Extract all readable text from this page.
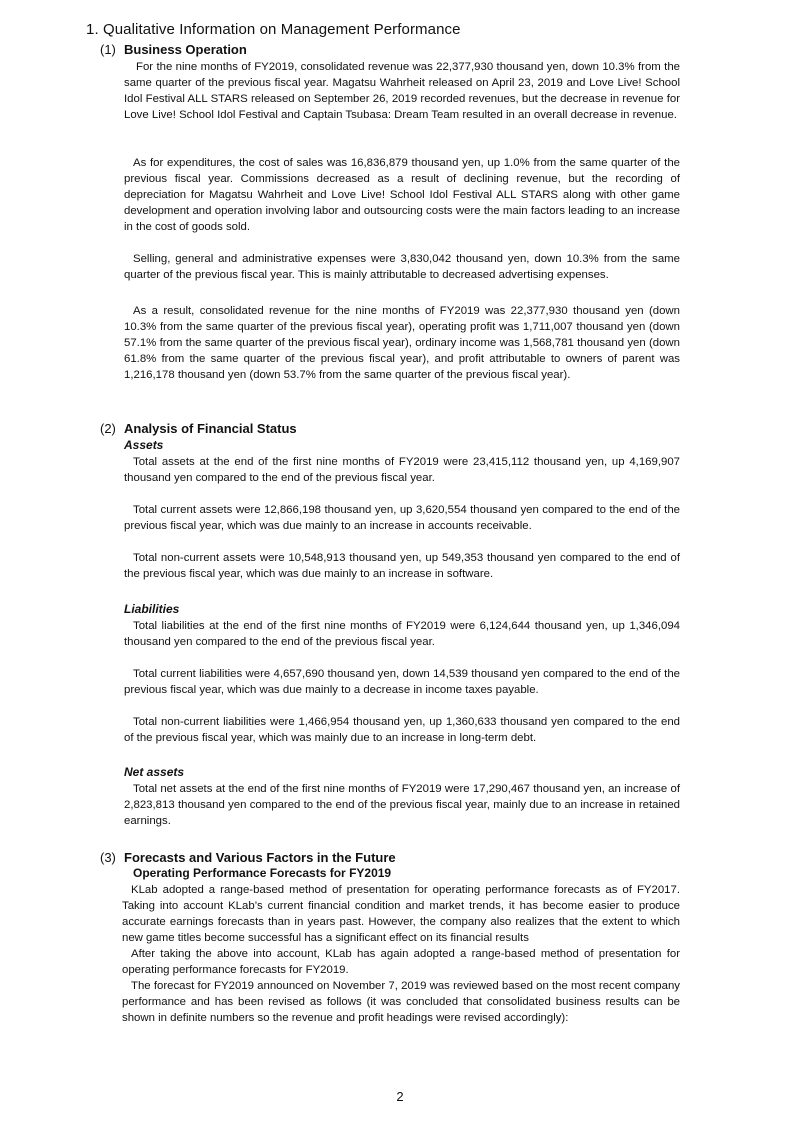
1. Qualitative Information on Management Performance
(1) Business Operation

For the nine months of FY2019, consolidated revenue was 22,377,930 thousand yen, down 10.3% from the same quarter of the previous fiscal year. Magatsu Wahrheit released on April 23, 2019 and Love Live! School Idol Festival ALL STARS released on September 26, 2019 recorded revenues, but the decrease in revenue for Love Live! School Idol Festival and Captain Tsubasa: Dream Team resulted in an overall decrease in revenue.

As for expenditures, the cost of sales was 16,836,879 thousand yen, up 1.0% from the same quarter of the previous fiscal year. Commissions decreased as a result of declining revenue, but the recording of depreciation for Magatsu Wahrheit and Love Live! School Idol Festival ALL STARS along with other game development and operation involving labor and outsourcing costs were the main factors leading to an increase in the cost of goods sold.

Selling, general and administrative expenses were 3,830,042 thousand yen, down 10.3% from the same quarter of the previous fiscal year. This is mainly attributable to decreased advertising expenses.

As a result, consolidated revenue for the nine months of FY2019 was 22,377,930 thousand yen (down 10.3% from the same quarter of the previous fiscal year), operating profit was 1,711,007 thousand yen (down 57.1% from the same quarter of the previous fiscal year), ordinary income was 1,568,781 thousand yen (down 61.8% from the same quarter of the previous fiscal year), and profit attributable to owners of parent was 1,216,178 thousand yen (down 53.7% from the same quarter of the previous fiscal year).

(2) Analysis of Financial Status
Assets

Total assets at the end of the first nine months of FY2019 were 23,415,112 thousand yen, up 4,169,907 thousand yen compared to the end of the previous fiscal year.

Total current assets were 12,866,198 thousand yen, up 3,620,554 thousand yen compared to the end of the previous fiscal year, which was due mainly to an increase in accounts receivable.

Total non-current assets were 10,548,913 thousand yen, up 549,353 thousand yen compared to the end of the previous fiscal year, which was due mainly to an increase in software.

Liabilities

Total liabilities at the end of the first nine months of FY2019 were 6,124,644 thousand yen, up 1,346,094 thousand yen compared to the end of the previous fiscal year.

Total current liabilities were 4,657,690 thousand yen, down 14,539 thousand yen compared to the end of the previous fiscal year, which was due mainly to a decrease in income taxes payable.

Total non-current liabilities were 1,466,954 thousand yen, up 1,360,633 thousand yen compared to the end of the previous fiscal year, which was mainly due to an increase in long-term debt.

Net assets

Total net assets at the end of the first nine months of FY2019 were 17,290,467 thousand yen, an increase of 2,823,813 thousand yen compared to the end of the previous fiscal year, mainly due to an increase in retained earnings.

(3) Forecasts and Various Factors in the Future
Operating Performance Forecasts for FY2019

KLab adopted a range-based method of presentation for operating performance forecasts as of FY2017. Taking into account KLab’s current financial condition and market trends, it has become easier to produce accurate earnings forecasts than in years past. However, the company also realizes that the extent to which new game titles become successful has a significant effect on its financial results

After taking the above into account, KLab has again adopted a range-based method of presentation for operating performance forecasts for FY2019.

The forecast for FY2019 announced on November 7, 2019 was reviewed based on the most recent company performance and has been revised as follows (it was concluded that consolidated business results can be shown in definite numbers so the revenue and profit headings were revised accordingly):

2
